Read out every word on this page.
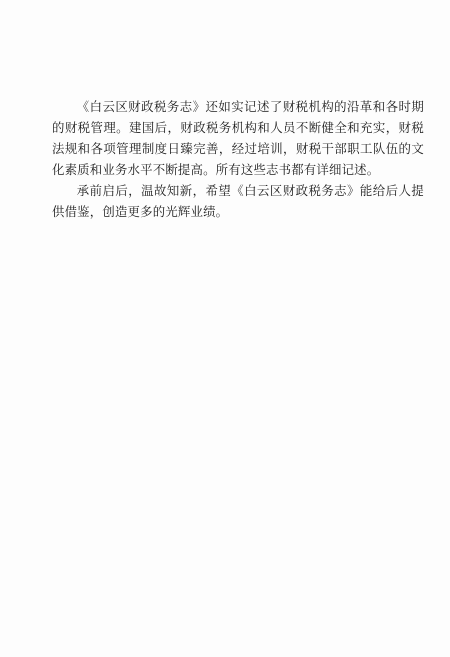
《白云区财政税务志》还如实记述了财税机构的沿革和各时期的财税管理。建国后，财政税务机构和人员不断健全和充实，财税法规和各项管理制度日臻完善，经过培训，财税干部职工队伍的文化素质和业务水平不断提高。所有这些志书都有详细记述。

承前启后，温故知新，希望《白云区财政税务志》能给后人提供借鉴，创造更多的光辉业绩。
